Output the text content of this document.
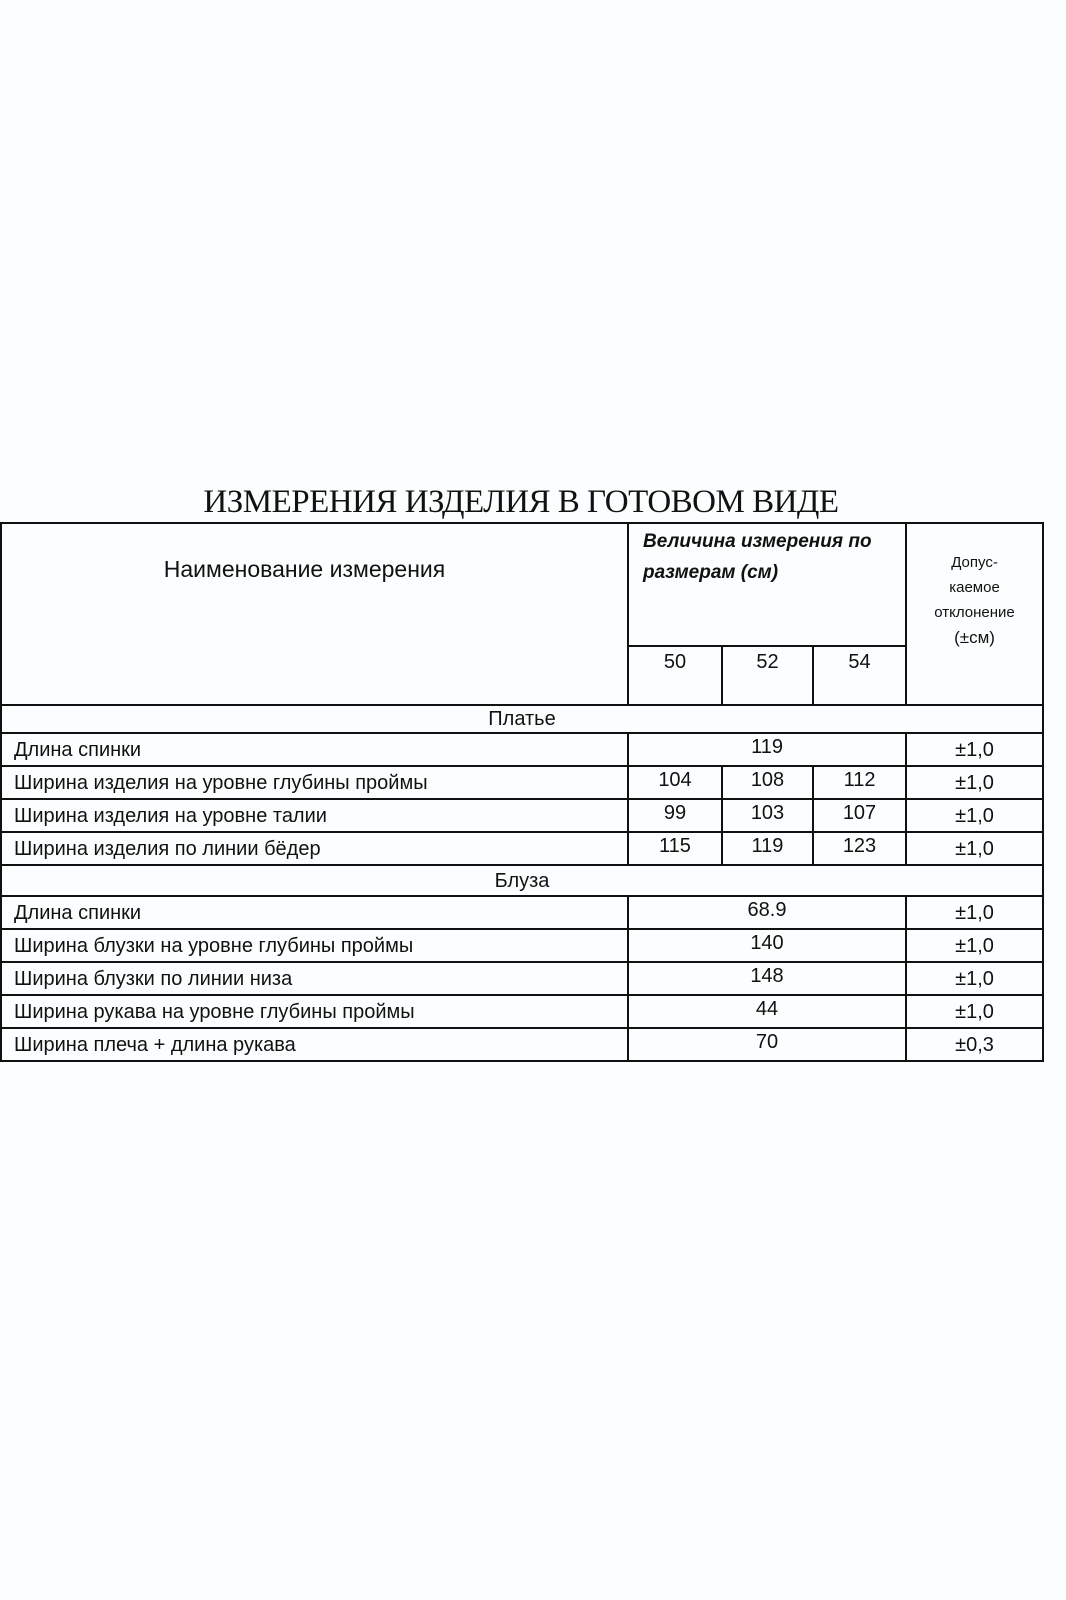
ИЗМЕРЕНИЯ ИЗДЕЛИЯ В ГОТОВОМ ВИДЕ
Наименование измерения	Величина измерения по размерам (см)			Допус-
каемое
отклонение
(±см)

	50	52	54	
Платье				
Длина спинки	119			±1,0
Ширина изделия на уровне глубины проймы	104	108	112	±1,0
Ширина изделия на уровне талии	99	103	107	±1,0
Ширина изделия по линии бёдер	115	119	123	±1,0
Блуза				
Длина спинки	68.9			±1,0
Ширина блузки на уровне глубины проймы	140			±1,0
Ширина блузки по линии низа	148			±1,0
Ширина рукава на уровне глубины проймы	44			±1,0
Ширина плеча + длина рукава	70			±0,3
